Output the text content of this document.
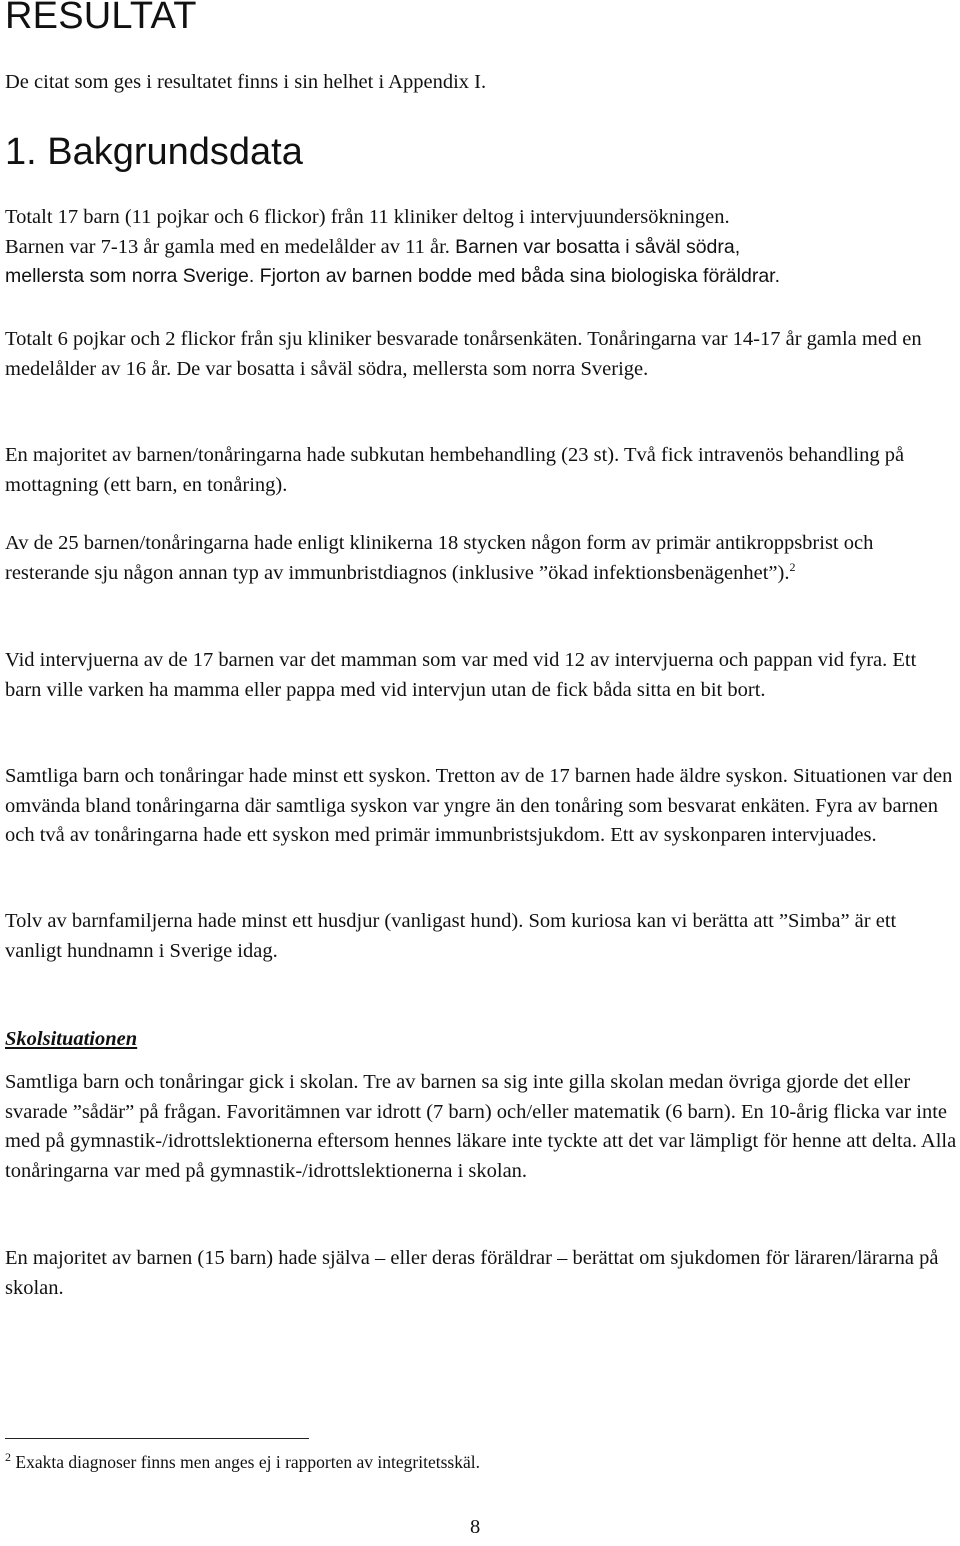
RESULTAT
De citat som ges i resultatet finns i sin helhet i Appendix I.
1. Bakgrundsdata
Totalt 17 barn (11 pojkar och 6 flickor) från 11 kliniker deltog i intervjuundersökningen.
Barnen var 7-13 år gamla med en medelålder av 11 år. Barnen var bosatta i såväl södra,
mellersta som norra Sverige. Fjorton av barnen bodde med båda sina biologiska föräldrar.
Totalt 6 pojkar och 2 flickor från sju kliniker besvarade tonårsenkäten. Tonåringarna var 14-17 år gamla med en medelålder av 16 år. De var bosatta i såväl södra, mellersta som norra Sverige.
En majoritet av barnen/tonåringarna hade subkutan hembehandling (23 st). Två fick intravenös behandling på mottagning (ett barn, en tonåring).
Av de 25 barnen/tonåringarna hade enligt klinikerna 18 stycken någon form av primär antikroppsbrist och resterande sju någon annan typ av immunbristdiagnos (inklusive ”ökad infektionsbenägenhet”).$^2$
Vid intervjuerna av de 17 barnen var det mamman som var med vid 12 av intervjuerna och pappan vid fyra. Ett barn ville varken ha mamma eller pappa med vid intervjun utan de fick båda sitta en bit bort.
Samtliga barn och tonåringar hade minst ett syskon. Tretton av de 17 barnen hade äldre syskon. Situationen var den omvända bland tonåringarna där samtliga syskon var yngre än den tonåring som besvarat enkäten. Fyra av barnen och två av tonåringarna hade ett syskon med primär immunbristsjukdom. Ett av syskonparen intervjuades.
Tolv av barnfamiljerna hade minst ett husdjur (vanligast hund). Som kuriosa kan vi berätta att ”Simba” är ett vanligt hundnamn i Sverige idag.
Skolsituationen
Samtliga barn och tonåringar gick i skolan. Tre av barnen sa sig inte gilla skolan medan övriga gjorde det eller svarade ”sådär” på frågan. Favoritämnen var idrott (7 barn) och/eller matematik (6 barn). En 10-årig flicka var inte med på gymnastik-/idrottslektionerna eftersom hennes läkare inte tyckte att det var lämpligt för henne att delta. Alla tonåringarna var med på gymnastik-/idrottslektionerna i skolan.
En majoritet av barnen (15 barn) hade själva – eller deras föräldrar – berättat om sjukdomen för läraren/lärarna på skolan.
$^2$ Exakta diagnoser finns men anges ej i rapporten av integritetsskäl.
8
